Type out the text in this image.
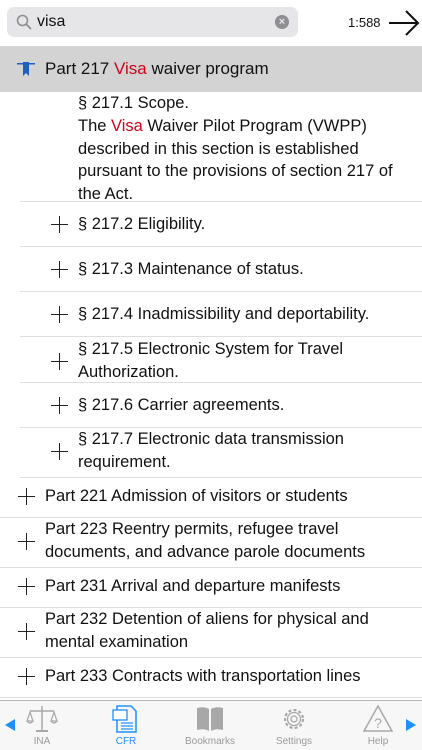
visa
×	1:588
Part 217 Visa waiver program
§ 217.1 Scope.
The Visa Waiver Pilot Program (VWPP) described in this section is established pursuant to the provisions of section 217 of the Act.
§ 217.2 Eligibility.
§ 217.3 Maintenance of status.
§ 217.4 Inadmissibility and deportability.
§ 217.5 Electronic System for Travel Authorization.
§ 217.6 Carrier agreements.
§ 217.7 Electronic data transmission requirement.
Part 221 Admission of visitors or students
Part 223 Reentry permits, refugee travel documents, and advance parole documents
Part 231 Arrival and departure manifests
Part 232 Detention of aliens for physical and mental examination
Part 233 Contracts with transportation lines
INA	CFR	Bookmarks	Settings
?
Help
